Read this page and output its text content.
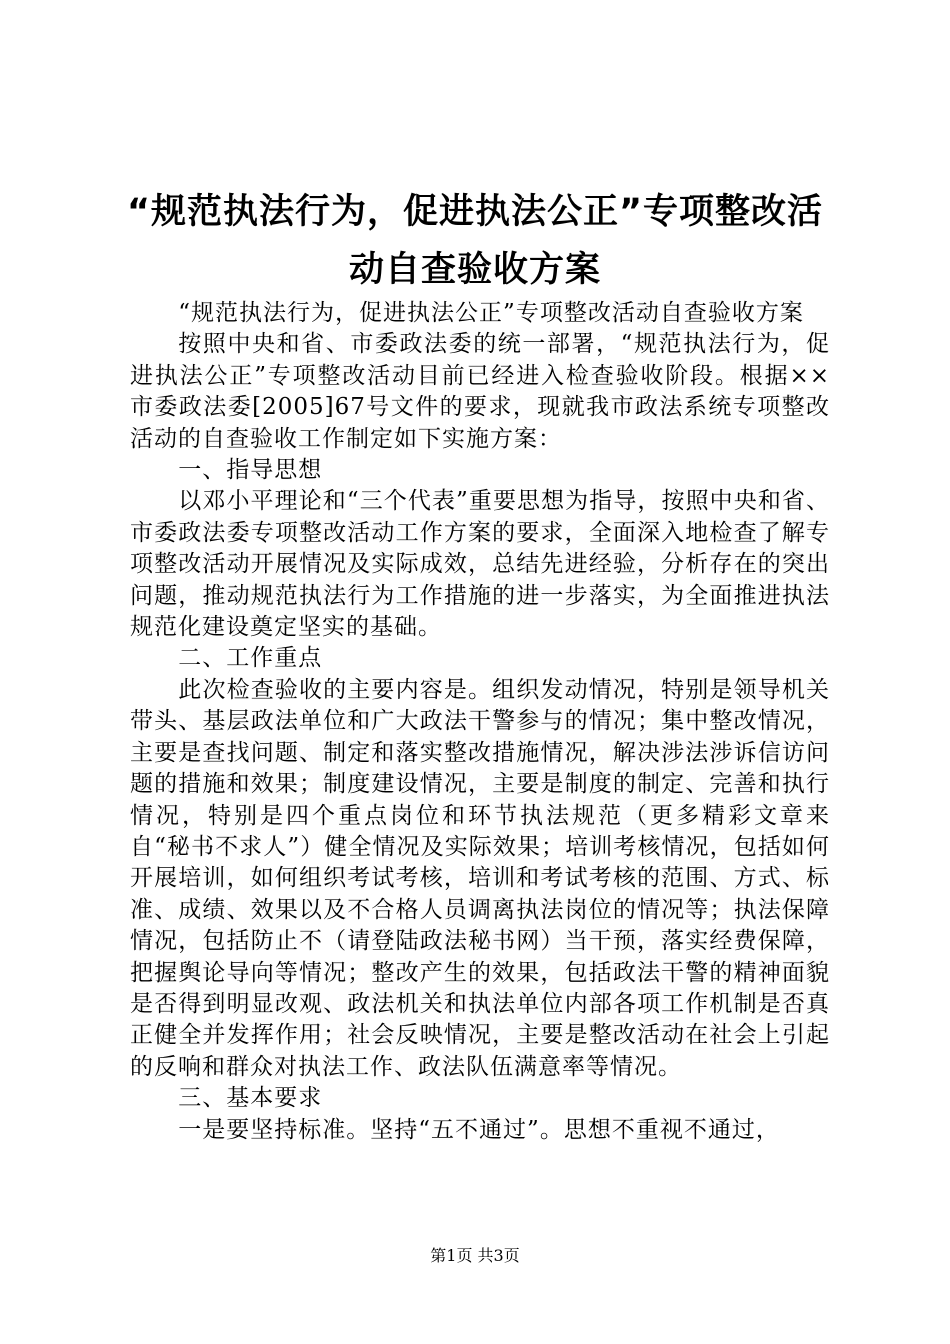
“规范执法行为，促进执法公正”专项整改活
动自查验收方案

“规范执法行为，促进执法公正”专项整改活动自查验收方案

按照中央和省、市委政法委的统一部署，“规范执法行为，促进执法公正”专项整改活动目前已经进入检查验收阶段。根据××市委政法委[2005]67号文件的要求，现就我市政法系统专项整改活动的自查验收工作制定如下实施方案：

一、指导思想

以邓小平理论和“三个代表”重要思想为指导，按照中央和省、市委政法委专项整改活动工作方案的要求，全面深入地检查了解专项整改活动开展情况及实际成效，总结先进经验，分析存在的突出问题，推动规范执法行为工作措施的进一步落实，为全面推进执法规范化建设奠定坚实的基础。

二、工作重点

此次检查验收的主要内容是。组织发动情况，特别是领导机关带头、基层政法单位和广大政法干警参与的情况；集中整改情况，主要是查找问题、制定和落实整改措施情况，解决涉法涉诉信访问题的措施和效果；制度建设情况，主要是制度的制定、完善和执行情况，特别是四个重点岗位和环节执法规范（更多精彩文章来自“秘书不求人”）健全情况及实际效果；培训考核情况，包括如何开展培训，如何组织考试考核，培训和考试考核的范围、方式、标准、成绩、效果以及不合格人员调离执法岗位的情况等；执法保障情况，包括防止不（请登陆政法秘书网）当干预，落实经费保障，把握舆论导向等情况；整改产生的效果，包括政法干警的精神面貌是否得到明显改观、政法机关和执法单位内部各项工作机制是否真正健全并发挥作用；社会反映情况，主要是整改活动在社会上引起的反响和群众对执法工作、政法队伍满意率等情况。

三、基本要求

一是要坚持标准。坚持“五不通过”。思想不重视不通过，

第1页 共3页
